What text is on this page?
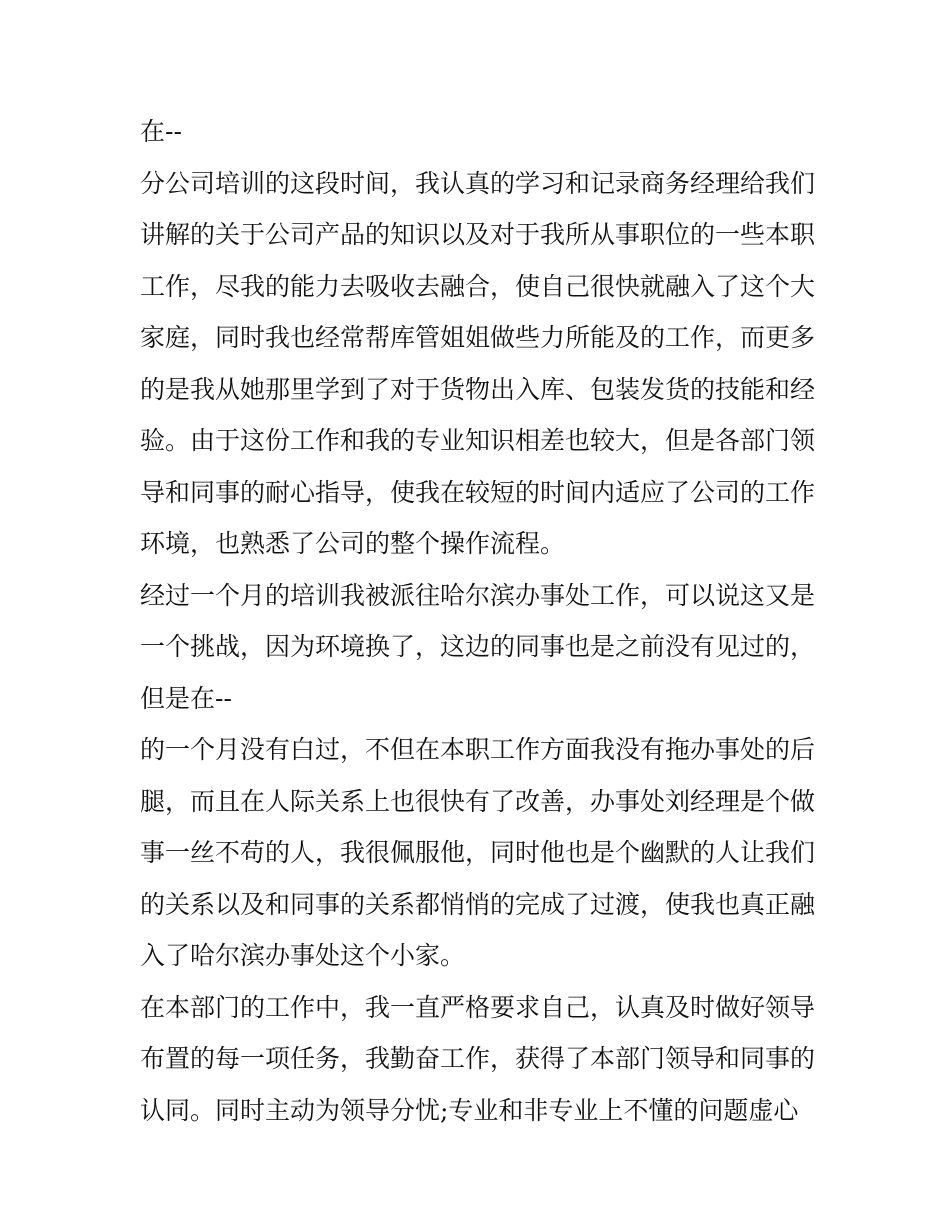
在--
分公司培训的这段时间，我认真的学习和记录商务经理给我们
讲解的关于公司产品的知识以及对于我所从事职位的一些本职
工作，尽我的能力去吸收去融合，使自己很快就融入了这个大
家庭，同时我也经常帮库管姐姐做些力所能及的工作，而更多
的是我从她那里学到了对于货物出入库、包装发货的技能和经
验。由于这份工作和我的专业知识相差也较大，但是各部门领
导和同事的耐心指导，使我在较短的时间内适应了公司的工作
环境，也熟悉了公司的整个操作流程。
经过一个月的培训我被派往哈尔滨办事处工作，可以说这又是
一个挑战，因为环境换了，这边的同事也是之前没有见过的，
但是在--
的一个月没有白过，不但在本职工作方面我没有拖办事处的后
腿，而且在人际关系上也很快有了改善，办事处刘经理是个做
事一丝不苟的人，我很佩服他，同时他也是个幽默的人让我们
的关系以及和同事的关系都悄悄的完成了过渡，使我也真正融
入了哈尔滨办事处这个小家。
在本部门的工作中，我一直严格要求自己，认真及时做好领导
布置的每一项任务，我勤奋工作，获得了本部门领导和同事的
认同。同时主动为领导分忧;专业和非专业上不懂的问题虚心
